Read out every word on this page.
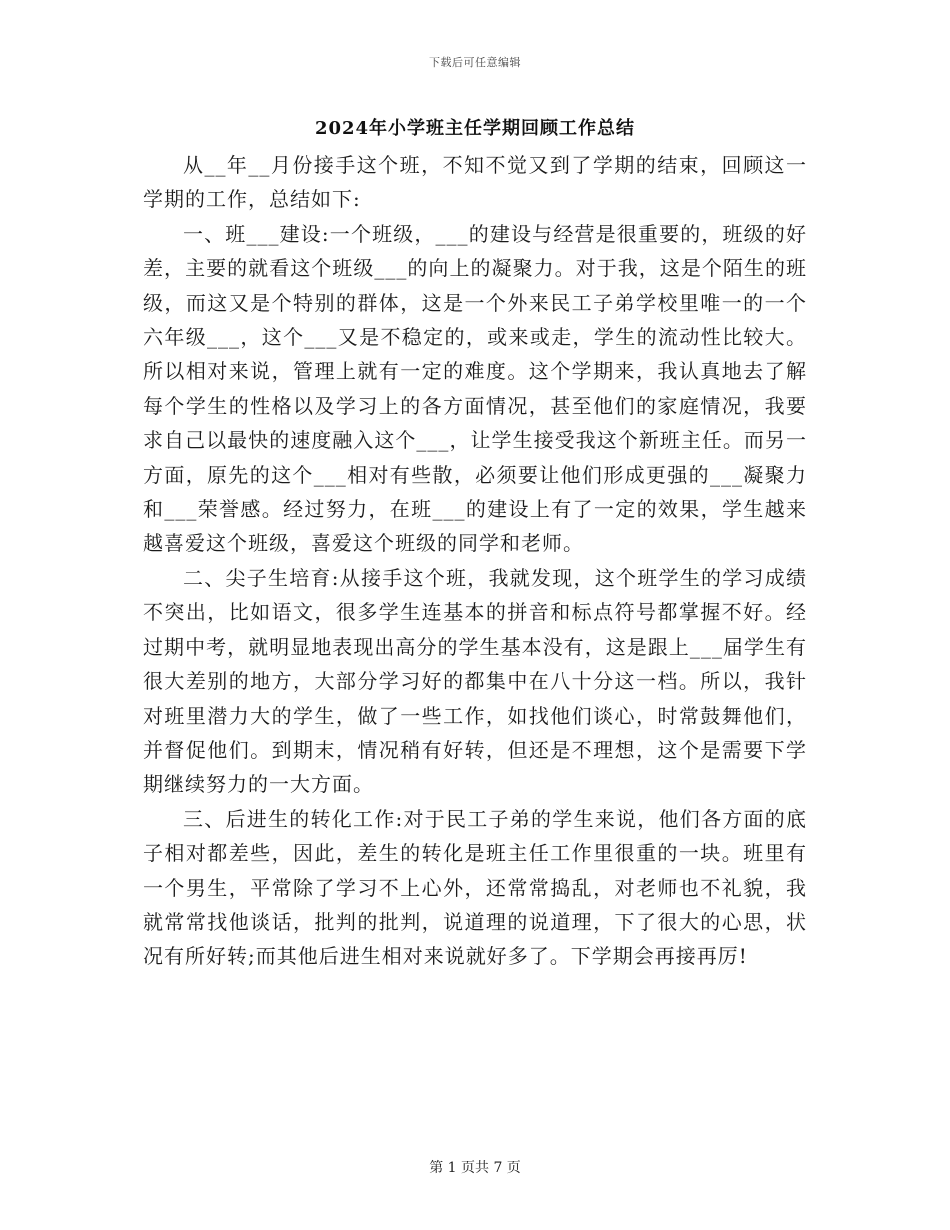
下载后可任意编辑
2024年小学班主任学期回顾工作总结

从__年__月份接手这个班，不知不觉又到了学期的结束，回顾这一学期的工作，总结如下:

一、班___建设:一个班级，___的建设与经营是很重要的，班级的好差，主要的就看这个班级___的向上的凝聚力。对于我，这是个陌生的班级，而这又是个特别的群体，这是一个外来民工子弟学校里唯一的一个六年级___，这个___又是不稳定的，或来或走，学生的流动性比较大。所以相对来说，管理上就有一定的难度。这个学期来，我认真地去了解每个学生的性格以及学习上的各方面情况，甚至他们的家庭情况，我要求自己以最快的速度融入这个___，让学生接受我这个新班主任。而另一方面，原先的这个___相对有些散，必须要让他们形成更强的___凝聚力和___荣誉感。经过努力，在班___的建设上有了一定的效果，学生越来越喜爱这个班级，喜爱这个班级的同学和老师。

二、尖子生培育:从接手这个班，我就发现，这个班学生的学习成绩不突出，比如语文，很多学生连基本的拼音和标点符号都掌握不好。经过期中考，就明显地表现出高分的学生基本没有，这是跟上___届学生有很大差别的地方，大部分学习好的都集中在八十分这一档。所以，我针对班里潜力大的学生，做了一些工作，如找他们谈心，时常鼓舞他们，并督促他们。到期末，情况稍有好转，但还是不理想，这个是需要下学期继续努力的一大方面。

三、后进生的转化工作:对于民工子弟的学生来说，他们各方面的底子相对都差些，因此，差生的转化是班主任工作里很重的一块。班里有一个男生，平常除了学习不上心外，还常常捣乱，对老师也不礼貌，我就常常找他谈话，批判的批判，说道理的说道理，下了很大的心思，状况有所好转;而其他后进生相对来说就好多了。下学期会再接再厉!

第 1 页共 7 页
